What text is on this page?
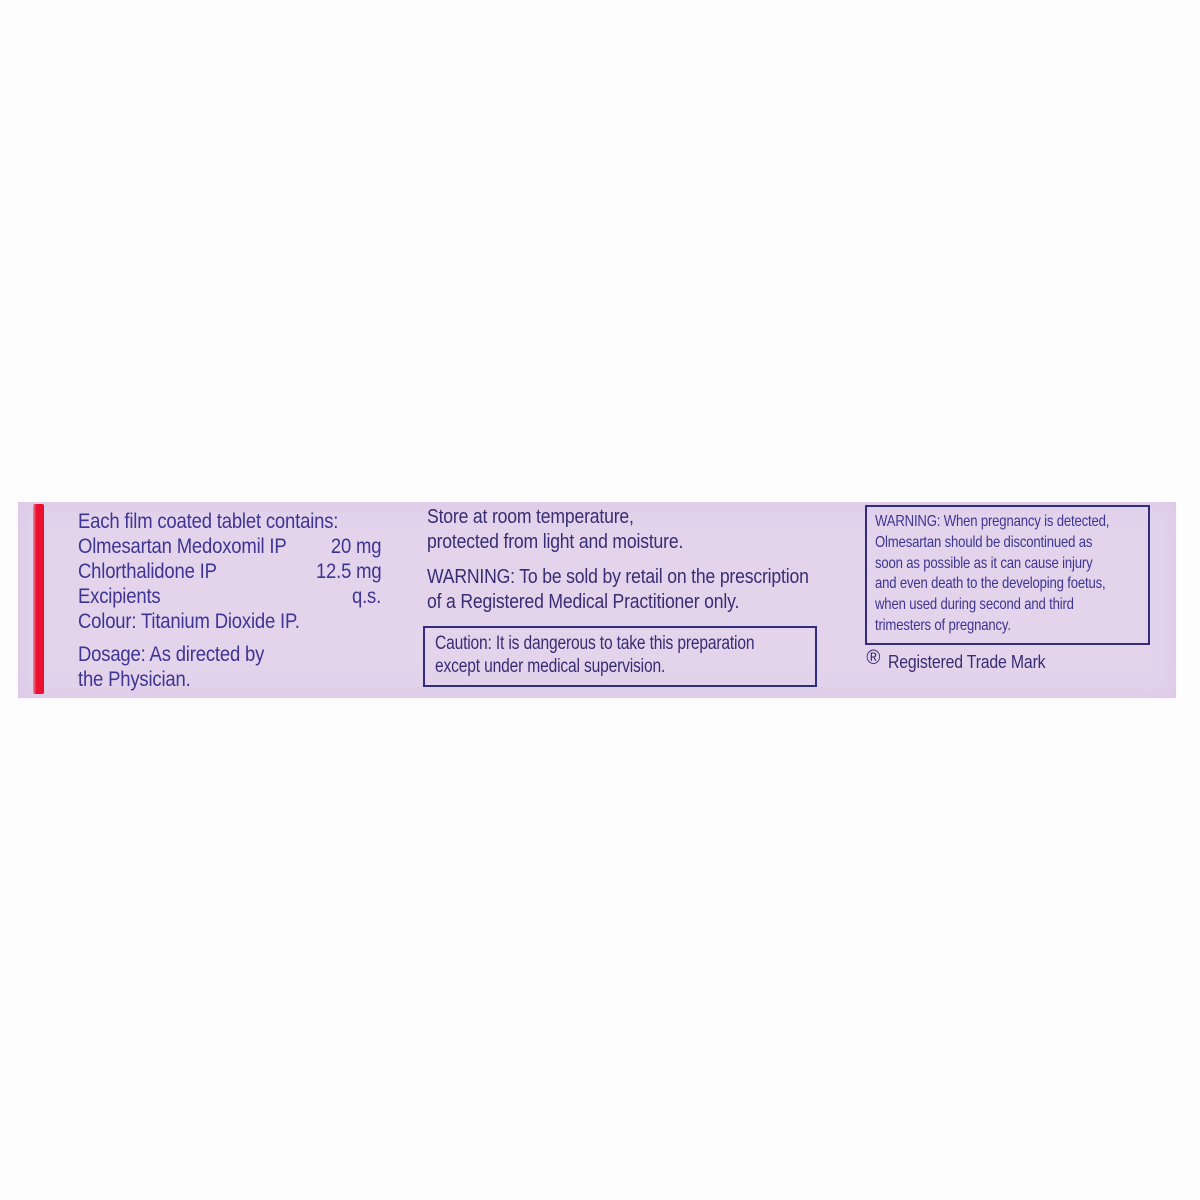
Each film coated tablet contains:
Olmesartan Medoxomil IP 20 mg
Chlorthalidone IP	12.5 mg
Excipients	q.s.
Colour: Titanium Dioxide IP.
Dosage: As directed by
the Physician.
Store at room temperature,
protected from light and moisture.
WARNING: To be sold by retail on the prescription
of a Registered Medical Practitioner only.
Caution: It is dangerous to take this preparation
except under medical supervision.
WARNING: When pregnancy is detected,
Olmesartan should be discontinued as
soon as possible as it can cause injury
and even death to the developing foetus,
when used during second and third
trimesters of pregnancy.
® Registered Trade Mark
